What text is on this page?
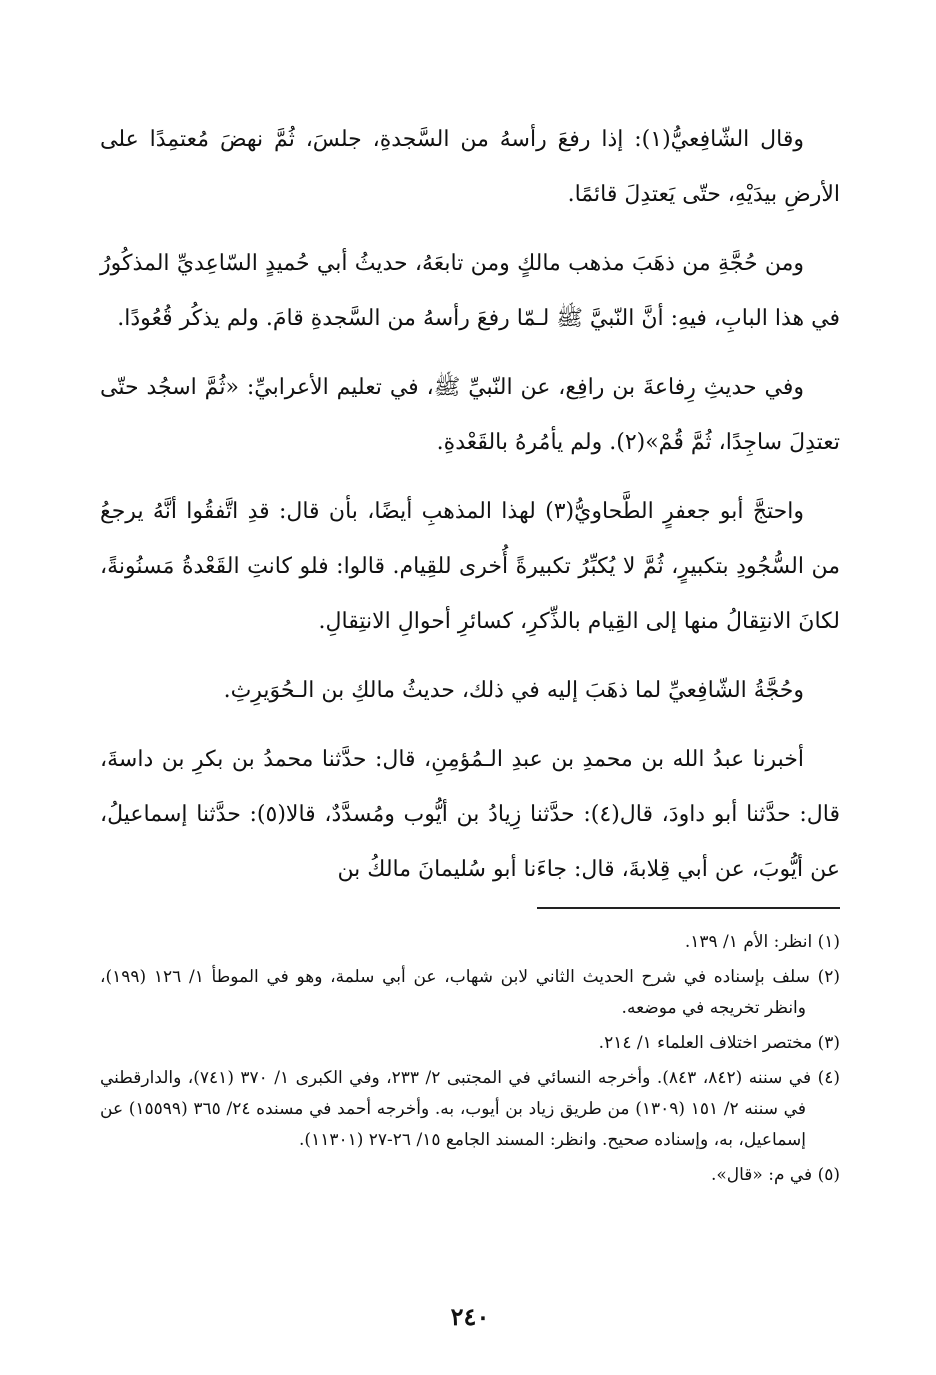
وقال الشّافِعيُّ(١): إذا رفعَ رأسهُ من السَّجدةِ، جلسَ، ثُمَّ نهضَ مُعتمِدًا على الأرضِ بيدَيْهِ، حتّى يَعتدِلَ قائمًا.

ومن حُجَّةِ من ذهَبَ مذهب مالكٍ ومن تابعَهُ، حديثُ أبي حُميدٍ السّاعِديِّ المذكُورُ في هذا البابِ، فيهِ: أنَّ النّبيَّ ﷺ لـمّا رفعَ رأسهُ من السَّجدةِ قامَ. ولم يذكُر قُعُودًا.

وفي حديثِ رِفاعةَ بن رافِع، عن النّبيِّ ﷺ، في تعليم الأعرابيِّ: «ثُمَّ اسجُد حتّى تعتدِلَ ساجِدًا، ثُمَّ قُمْ»(٢). ولم يأمُرهُ بالقَعْدةِ.

واحتجَّ أبو جعفرٍ الطَّحاويُّ(٣) لهذا المذهبِ أيضًا، بأن قال: قدِ اتَّفقُوا أنَّهُ يرجعُ من السُّجُودِ بتكبيرٍ، ثُمَّ لا يُكبِّرُ تكبيرةً أُخرى للقِيام. قالوا: فلو كانتِ القَعْدةُ مَسنُونةً، لكانَ الانتِقالُ منها إلى القِيام بالذِّكرِ، كسائرِ أحوالِ الانتِقالِ.

وحُجَّةُ الشّافِعيِّ لما ذهَبَ إليه في ذلك، حديثُ مالكِ بن الـحُوَيرِثِ.

أخبرنا عبدُ الله بن محمدِ بن عبدِ الـمُؤمِنِ، قال: حدَّثنا محمدُ بن بكرِ بن داسةَ، قال: حدَّثنا أبو داودَ، قال(٤): حدَّثنا زِيادُ بن أيُّوب ومُسدَّدٌ، قالا(٥): حدَّثنا إسماعيلُ، عن أيُّوبَ، عن أبي قِلابةَ، قال: جاءَنا أبو سُليمانَ مالكُ بن

(١) انظر: الأم ١/ ١٣٩.

(٢) سلف بإسناده في شرح الحديث الثاني لابن شهاب، عن أبي سلمة، وهو في الموطأ ١/ ١٢٦ (١٩٩)، وانظر تخريجه في موضعه.

(٣) مختصر اختلاف العلماء ١/ ٢١٤.

(٤) في سننه (٨٤٢، ٨٤٣). وأخرجه النسائي في المجتبى ٢/ ٢٣٣، وفي الكبرى ١/ ٣٧٠ (٧٤١)، والدارقطني في سننه ٢/ ١٥١ (١٣٠٩) من طريق زياد بن أيوب، به. وأخرجه أحمد في مسنده ٢٤/ ٣٦٥ (١٥٥٩٩) عن إسماعيل، به، وإسناده صحيح. وانظر: المسند الجامع ١٥/ ٢٦-٢٧ (١١٣٠١).

(٥) في م: «قال».

٢٤٠
